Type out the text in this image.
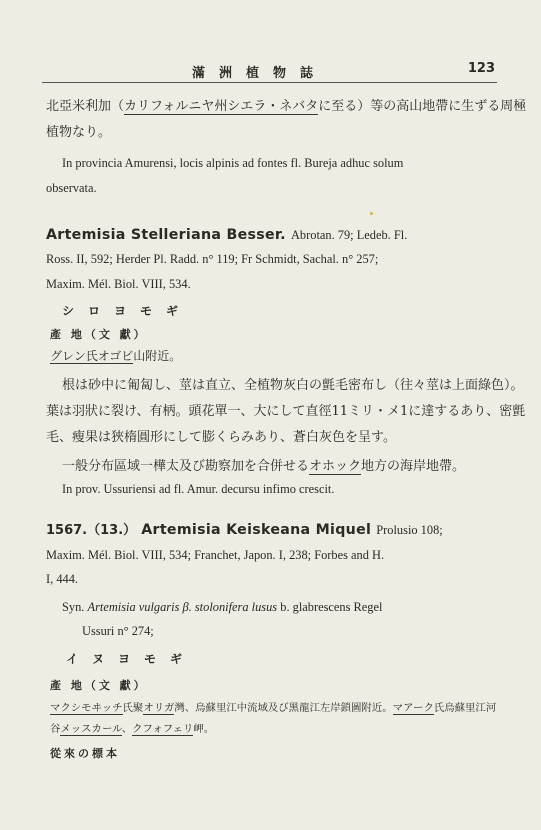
滿洲植物誌	123
北亞米利加（カリフォルニヤ州シエラ・ネバタに至る）等の高山地帶に生ずる周極
植物なり。
In provincia Amurensi, locis alpinis ad fontes fl. Bureja adhuc solum
observata.
Artemisia Stelleriana Besser. Abrotan. 79; Ledeb. Fl.
Ross. II, 592; Herder Pl. Radd. n° 119; Fr Schmidt, Sachal. n° 257;
Maxim. Mél. Biol. VIII, 534.
シロヨモギ
產 地（文 獻）
グレン氏オゴビ山附近。
根は砂中に匍匐し、莖は直立、全植物灰白の氈毛密布し（往々莖は上面綠色）。
葉は羽狀に裂け、有柄。頭花單一、大にして直徑11ミリ・メ1に達するあり、密氈
毛、瘦果は狹楕圓形にして膨くらみあり、蒼白灰色を呈す。
一般分布區域一樺太及び勘察加を合併せるオホック地方の海岸地帶。
In prov. Ussuriensi ad fl. Amur. decursu infimo crescit.
1567.（13.） Artemisia Keiskeana Miquel Prolusio 108;
Maxim. Mél. Biol. VIII, 534; Franchet, Japon. I, 238; Forbes and H.
I, 444.
Syn. Artemisia vulgaris β. stolonifera lusus b. glabrescens Regel
Ussuri n° 274;
イヌヨモギ
產 地（文 獻）
マクシモヰッチ氏聚オリガ灣、烏蘇里江中流域及び黑龍江左岸鎖圖附近。マアーク氏烏蘇里江河
谷メッスカール、クフォフェリ岬。
從來の標本
